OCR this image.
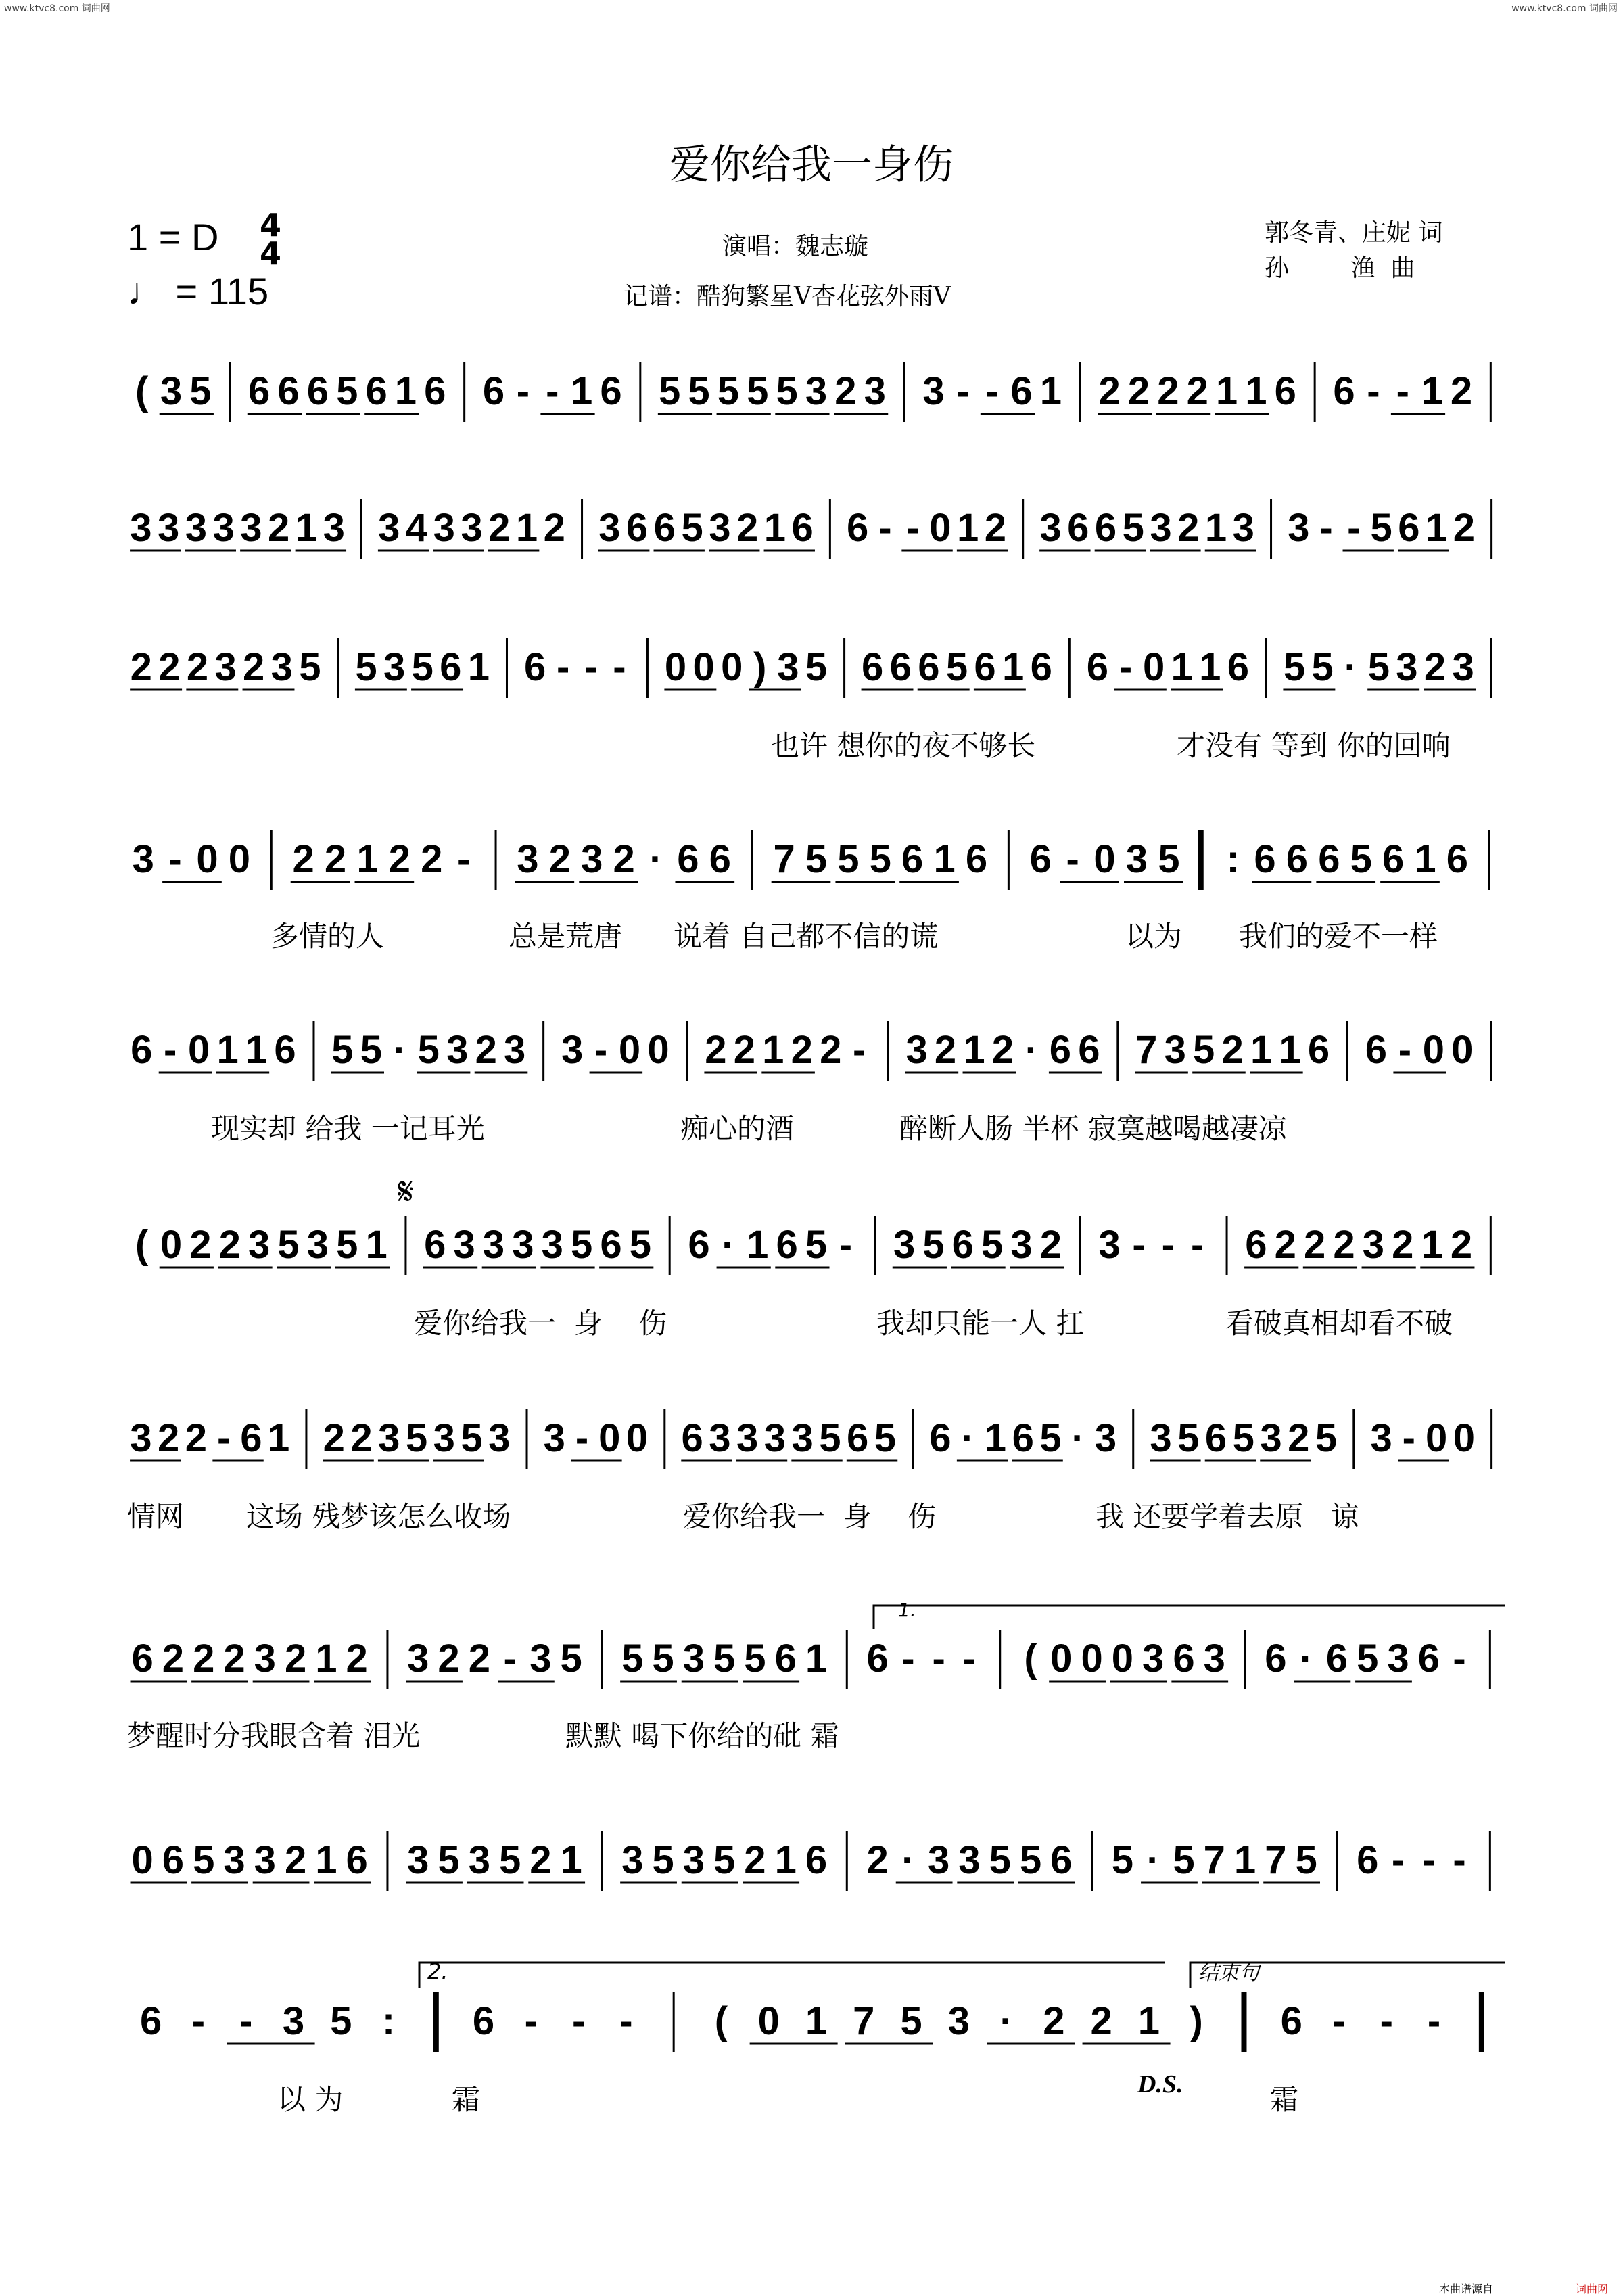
www.ktvc8.com 词曲网	www.ktvc8.com 词曲网
爱你给我一身伤
1 = D 4
4
♩ = 115
演唱：魏志璇
记谱：酷狗繁星V杏花弦外雨V
郭冬青、庄妮 词
孙        渔  曲
( 3 5 6 6 6 5 6 1 6 6 - - 1 6 5 5 5 5 5 3 2 3 3 - - 6 1 2 2 2 2 1 1 6 6 - - 1 2
3 3 3 3 3 2 1 3 3 4 3 3 2 1 2 3 6 6 5 3 2 1 6 6 - - 0 1 2 3 6 6 5 3 2 1 3 3 - - 5 6 1 2
2 2 2 3 2 3 5 5 3 5 6 1 6 - - - 0 0 0 ) 3 5 6 6 6 5 6 1 6 6 - 0 1 1 6 5 5 · 5 3 2 3
3 - 0 0 2 2 1 2 2 - 3 2 3 2 · 6 6 7 5 5 5 6 1 6 6 - 0 3 5 : 6 6 6 5 6 1 6
6 - 0 1 1 6 5 5 · 5 3 2 3 3 - 0 0 2 2 1 2 2 - 3 2 1 2 · 6 6 7 3 5 2 1 1 6 6 - 0 0
( 0 2 2 3 5 3 5 1 6 3 3 3 3 5 6 5 6 · 1 6 5 - 3 5 6 5 3 2 3 - - - 6 2 2 2 3 2 1 2
3 2 2 - 6 1 2 2 3 5 3 5 3 3 - 0 0 6 3 3 3 3 5 6 5 6 · 1 6 5 · 3 3 5 6 5 3 2 5 3 - 0 0
6 2 2 2 3 2 1 2 3 2 2 - 3 5 5 5 3 5 5 6 1 6 - - - ( 0 0 0 3 6 3 6 · 6 5 3 6 -
0 6 5 3 3 2 1 6 3 5 3 5 2 1 3 5 3 5 2 1 6 2 · 3 3 5 5 6 5 · 5 7 1 7 5 6 - - -
6 - - 3 5 : 6 - - - ( 0 1 7 5 3 · 2 2 1 ) 6 - - -
也许 想你的夜不够长	才没有 等到 你的回响
多情的人	总是荒唐 说着 自己都不信的谎	以为 我们的爱不一样
现实却 给我 一记耳光	痴心的酒	醉断人肠 半杯 寂寞越喝越凄凉
爱你给我一  身    伤	我却只能一人 扛	看破真相却看不破
情网 这场 残梦该怎么收场	爱你给我一  身    伤	我 还要学着去原   谅
梦醒时分我眼含着 泪光	默默 喝下你给的砒 霜
以 为	霜	霜
𝄋
1.
2.	结束句
D.S.
本曲谱源自	词曲网
